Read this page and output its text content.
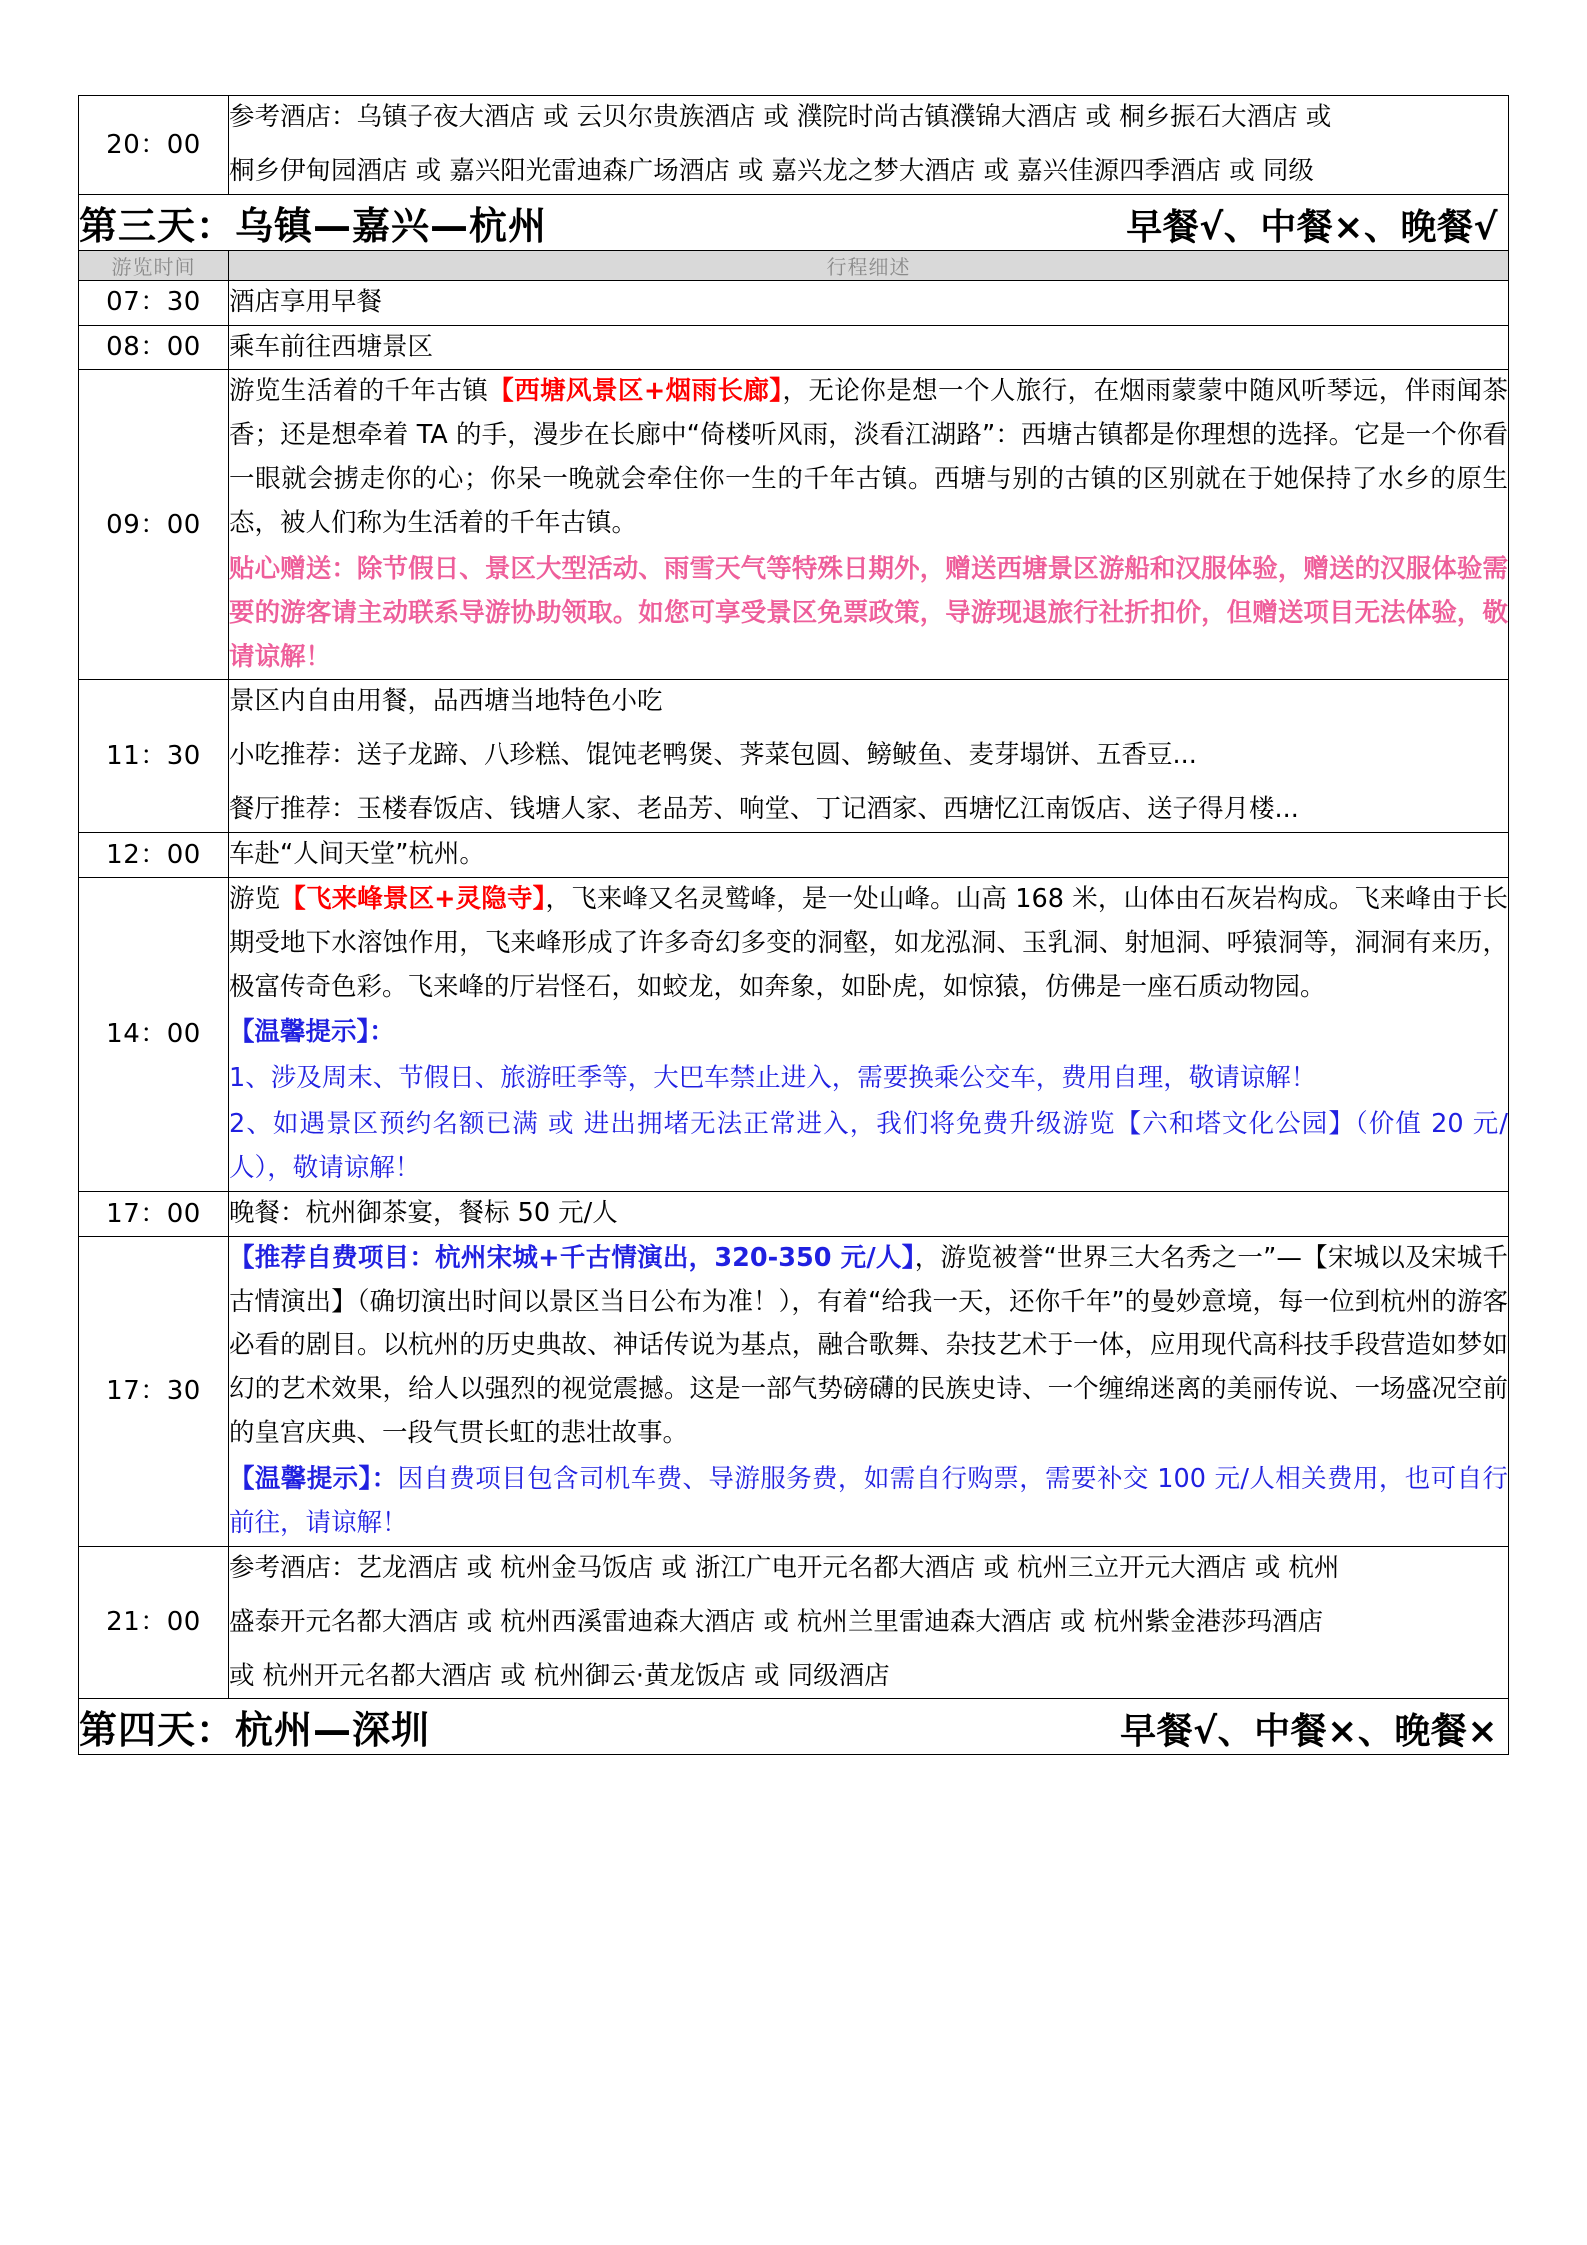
20：00	参考酒店：乌镇子夜大酒店 或 云贝尔贵族酒店 或 濮院时尚古镇濮锦大酒店 或 桐乡振石大酒店 或

桐乡伊甸园酒店 或 嘉兴阳光雷迪森广场酒店 或 嘉兴龙之梦大酒店 或 嘉兴佳源四季酒店 或 同级

第三天：乌镇—嘉兴—杭州 早餐√、中餐×、晚餐√	

游览时间	行程细述
07：30	酒店享用早餐

08：00	乘车前往西塘景区

09：00	游览生活着的千年古镇【西塘风景区+烟雨长廊】，无论你是想一个人旅行，在烟雨蒙蒙中随风听琴远，伴雨闻茶香；还是想牵着 TA 的手，漫步在长廊中“倚楼听风雨，淡看江湖路”：西塘古镇都是你理想的选择。它是一个你看一眼就会掳走你的心；你呆一晚就会牵住你一生的千年古镇。西塘与别的古镇的区别就在于她保持了水乡的原生态，被人们称为生活着的千年古镇。

贴心赠送：除节假日、景区大型活动、雨雪天气等特殊日期外，赠送西塘景区游船和汉服体验，赠送的汉服体验需要的游客请主动联系导游协助领取。如您可享受景区免票政策，导游现退旅行社折扣价，但赠送项目无法体验，敬请谅解！

11：30	景区内自由用餐，品西塘当地特色小吃

小吃推荐：送子龙蹄、八珍糕、馄饨老鸭煲、荠菜包圆、鳑鲏鱼、麦芽塌饼、五香豆...

餐厅推荐：玉楼春饭店、钱塘人家、老品芳、响堂、丁记酒家、西塘忆江南饭店、送子得月楼...

12：00	车赴“人间天堂”杭州。

14：00	游览【飞来峰景区+灵隐寺】，飞来峰又名灵鹫峰，是一处山峰。山高 168 米，山体由石灰岩构成。飞来峰由于长期受地下水溶蚀作用，飞来峰形成了许多奇幻多变的洞壑，如龙泓洞、玉乳洞、射旭洞、呼猿洞等，洞洞有来历，极富传奇色彩。飞来峰的厅岩怪石，如蛟龙，如奔象，如卧虎，如惊猿，仿佛是一座石质动物园。

【温馨提示】：

1、涉及周末、节假日、旅游旺季等，大巴车禁止进入，需要换乘公交车，费用自理，敬请谅解！

2、如遇景区预约名额已满 或 进出拥堵无法正常进入，我们将免费升级游览【六和塔文化公园】（价值 20 元/人），敬请谅解！

17：00	晚餐：杭州御茶宴，餐标 50 元/人

17：30	【推荐自费项目：杭州宋城+千古情演出，320-350 元/人】，游览被誉“世界三大名秀之一”—【宋城以及宋城千古情演出】（确切演出时间以景区当日公布为准！），有着“给我一天，还你千年”的曼妙意境，每一位到杭州的游客必看的剧目。以杭州的历史典故、神话传说为基点，融合歌舞、杂技艺术于一体，应用现代高科技手段营造如梦如幻的艺术效果，给人以强烈的视觉震撼。这是一部气势磅礴的民族史诗、一个缠绵迷离的美丽传说、一场盛况空前的皇宫庆典、一段气贯长虹的悲壮故事。

【温馨提示】：因自费项目包含司机车费、导游服务费，如需自行购票，需要补交 100 元/人相关费用，也可自行前往，请谅解！

21：00	参考酒店：艺龙酒店 或 杭州金马饭店 或 浙江广电开元名都大酒店 或 杭州三立开元大酒店 或 杭州

盛泰开元名都大酒店 或 杭州西溪雷迪森大酒店 或 杭州兰里雷迪森大酒店 或 杭州紫金港莎玛酒店

或 杭州开元名都大酒店 或 杭州御云·黄龙饭店 或 同级酒店

第四天：杭州—深圳 早餐√、中餐×、晚餐×	
